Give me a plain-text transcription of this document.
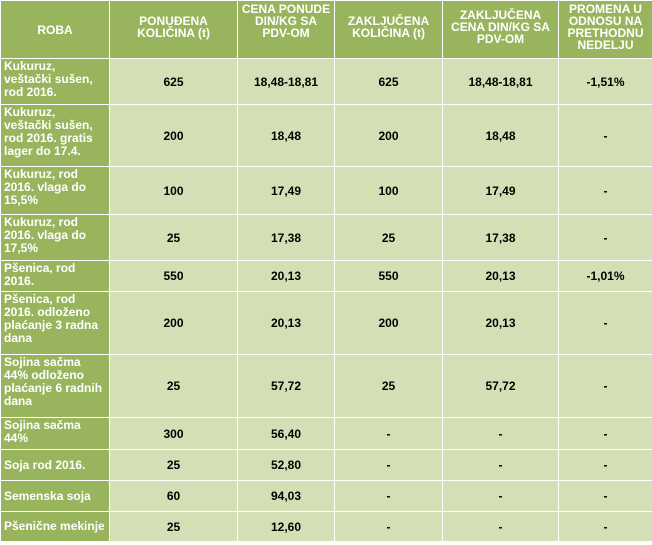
ROBA	PONUĐENA KOLIČINA (t)	CENA PONUDE DIN/KG SA PDV-OM	ZAKLJUČENA KOLIČINA (t)	ZAKLJUČENA CENA DIN/KG SA PDV-OM	PROMENA U ODNOSU NA PRETHODNU NEDELJU
Kukuruz, veštački sušen, rod 2016.	625	18,48-18,81	625	18,48-18,81	-1,51%
Kukuruz, veštački sušen, rod 2016. gratis lager do 17.4.	200	18,48	200	18,48	-
Kukuruz, rod 2016. vlaga do 15,5%	100	17,49	100	17,49	-
Kukuruz, rod 2016. vlaga do 17,5%	25	17,38	25	17,38	-
Pšenica, rod 2016.	550	20,13	550	20,13	-1,01%
Pšenica, rod 2016. odloženo plaćanje 3 radna dana	200	20,13	200	20,13	-
Sojina sačma 44% odloženo plaćanje 6 radnih dana	25	57,72	25	57,72	-
Sojina sačma 44%	300	56,40	-	-	-
Soja rod 2016.	25	52,80	-	-	-
Semenska soja	60	94,03	-	-	-
Pšenične mekinje	25	12,60	-	-	-
